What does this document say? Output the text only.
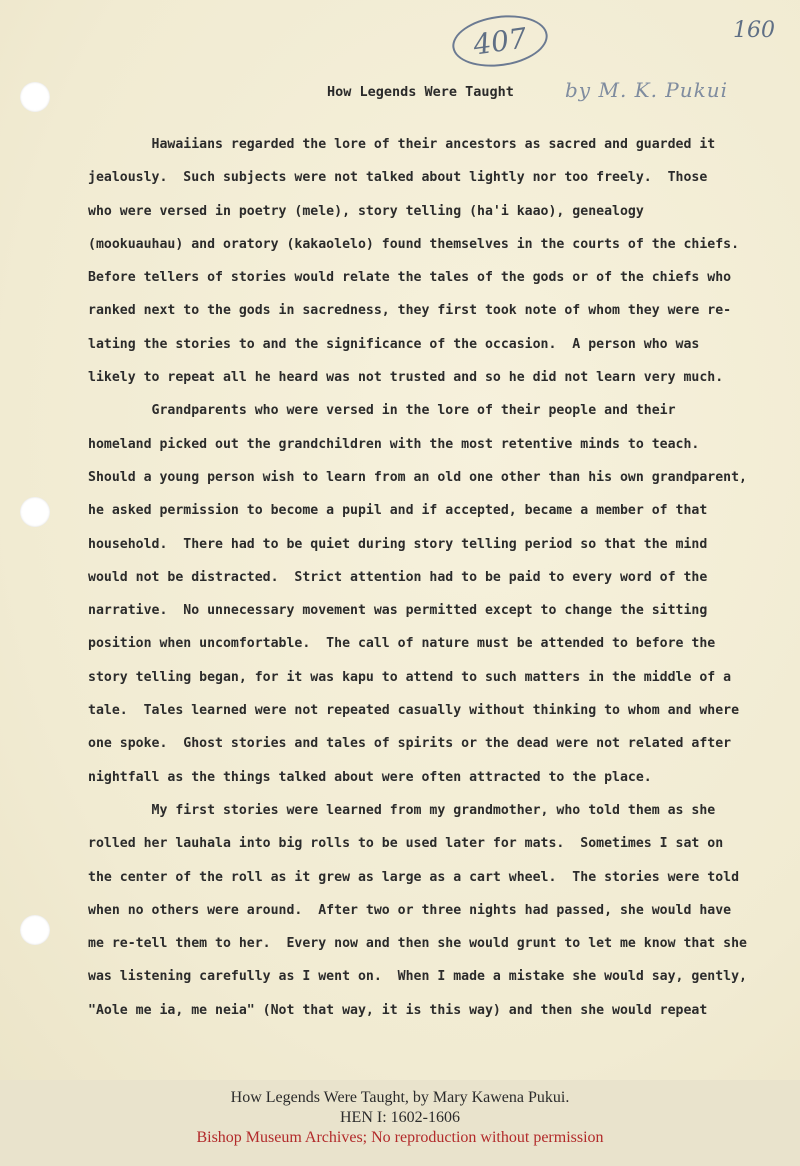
407	160
by M. K. Pukui
How Legends Were Taught
Hawaiians regarded the lore of their ancestors as sacred and guarded it
jealously.  Such subjects were not talked about lightly nor too freely.  Those
who were versed in poetry (mele), story telling (ha'i kaao), genealogy
(mookuauhau) and oratory (kakaolelo) found themselves in the courts of the chiefs.
Before tellers of stories would relate the tales of the gods or of the chiefs who
ranked next to the gods in sacredness, they first took note of whom they were re-
lating the stories to and the significance of the occasion.  A person who was
likely to repeat all he heard was not trusted and so he did not learn very much.
Grandparents who were versed in the lore of their people and their
homeland picked out the grandchildren with the most retentive minds to teach.
Should a young person wish to learn from an old one other than his own grandparent,
he asked permission to become a pupil and if accepted, became a member of that
household.  There had to be quiet during story telling period so that the mind
would not be distracted.  Strict attention had to be paid to every word of the
narrative.  No unnecessary movement was permitted except to change the sitting
position when uncomfortable.  The call of nature must be attended to before the
story telling began, for it was kapu to attend to such matters in the middle of a
tale.  Tales learned were not repeated casually without thinking to whom and where
one spoke.  Ghost stories and tales of spirits or the dead were not related after
nightfall as the things talked about were often attracted to the place.
My first stories were learned from my grandmother, who told them as she
rolled her lauhala into big rolls to be used later for mats.  Sometimes I sat on
the center of the roll as it grew as large as a cart wheel.  The stories were told
when no others were around.  After two or three nights had passed, she would have
me re-tell them to her.  Every now and then she would grunt to let me know that she
was listening carefully as I went on.  When I made a mistake she would say, gently,
"Aole me ia, me neia" (Not that way, it is this way) and then she would repeat
How Legends Were Taught, by Mary Kawena Pukui.
HEN I: 1602-1606
Bishop Museum Archives; No reproduction without permission
